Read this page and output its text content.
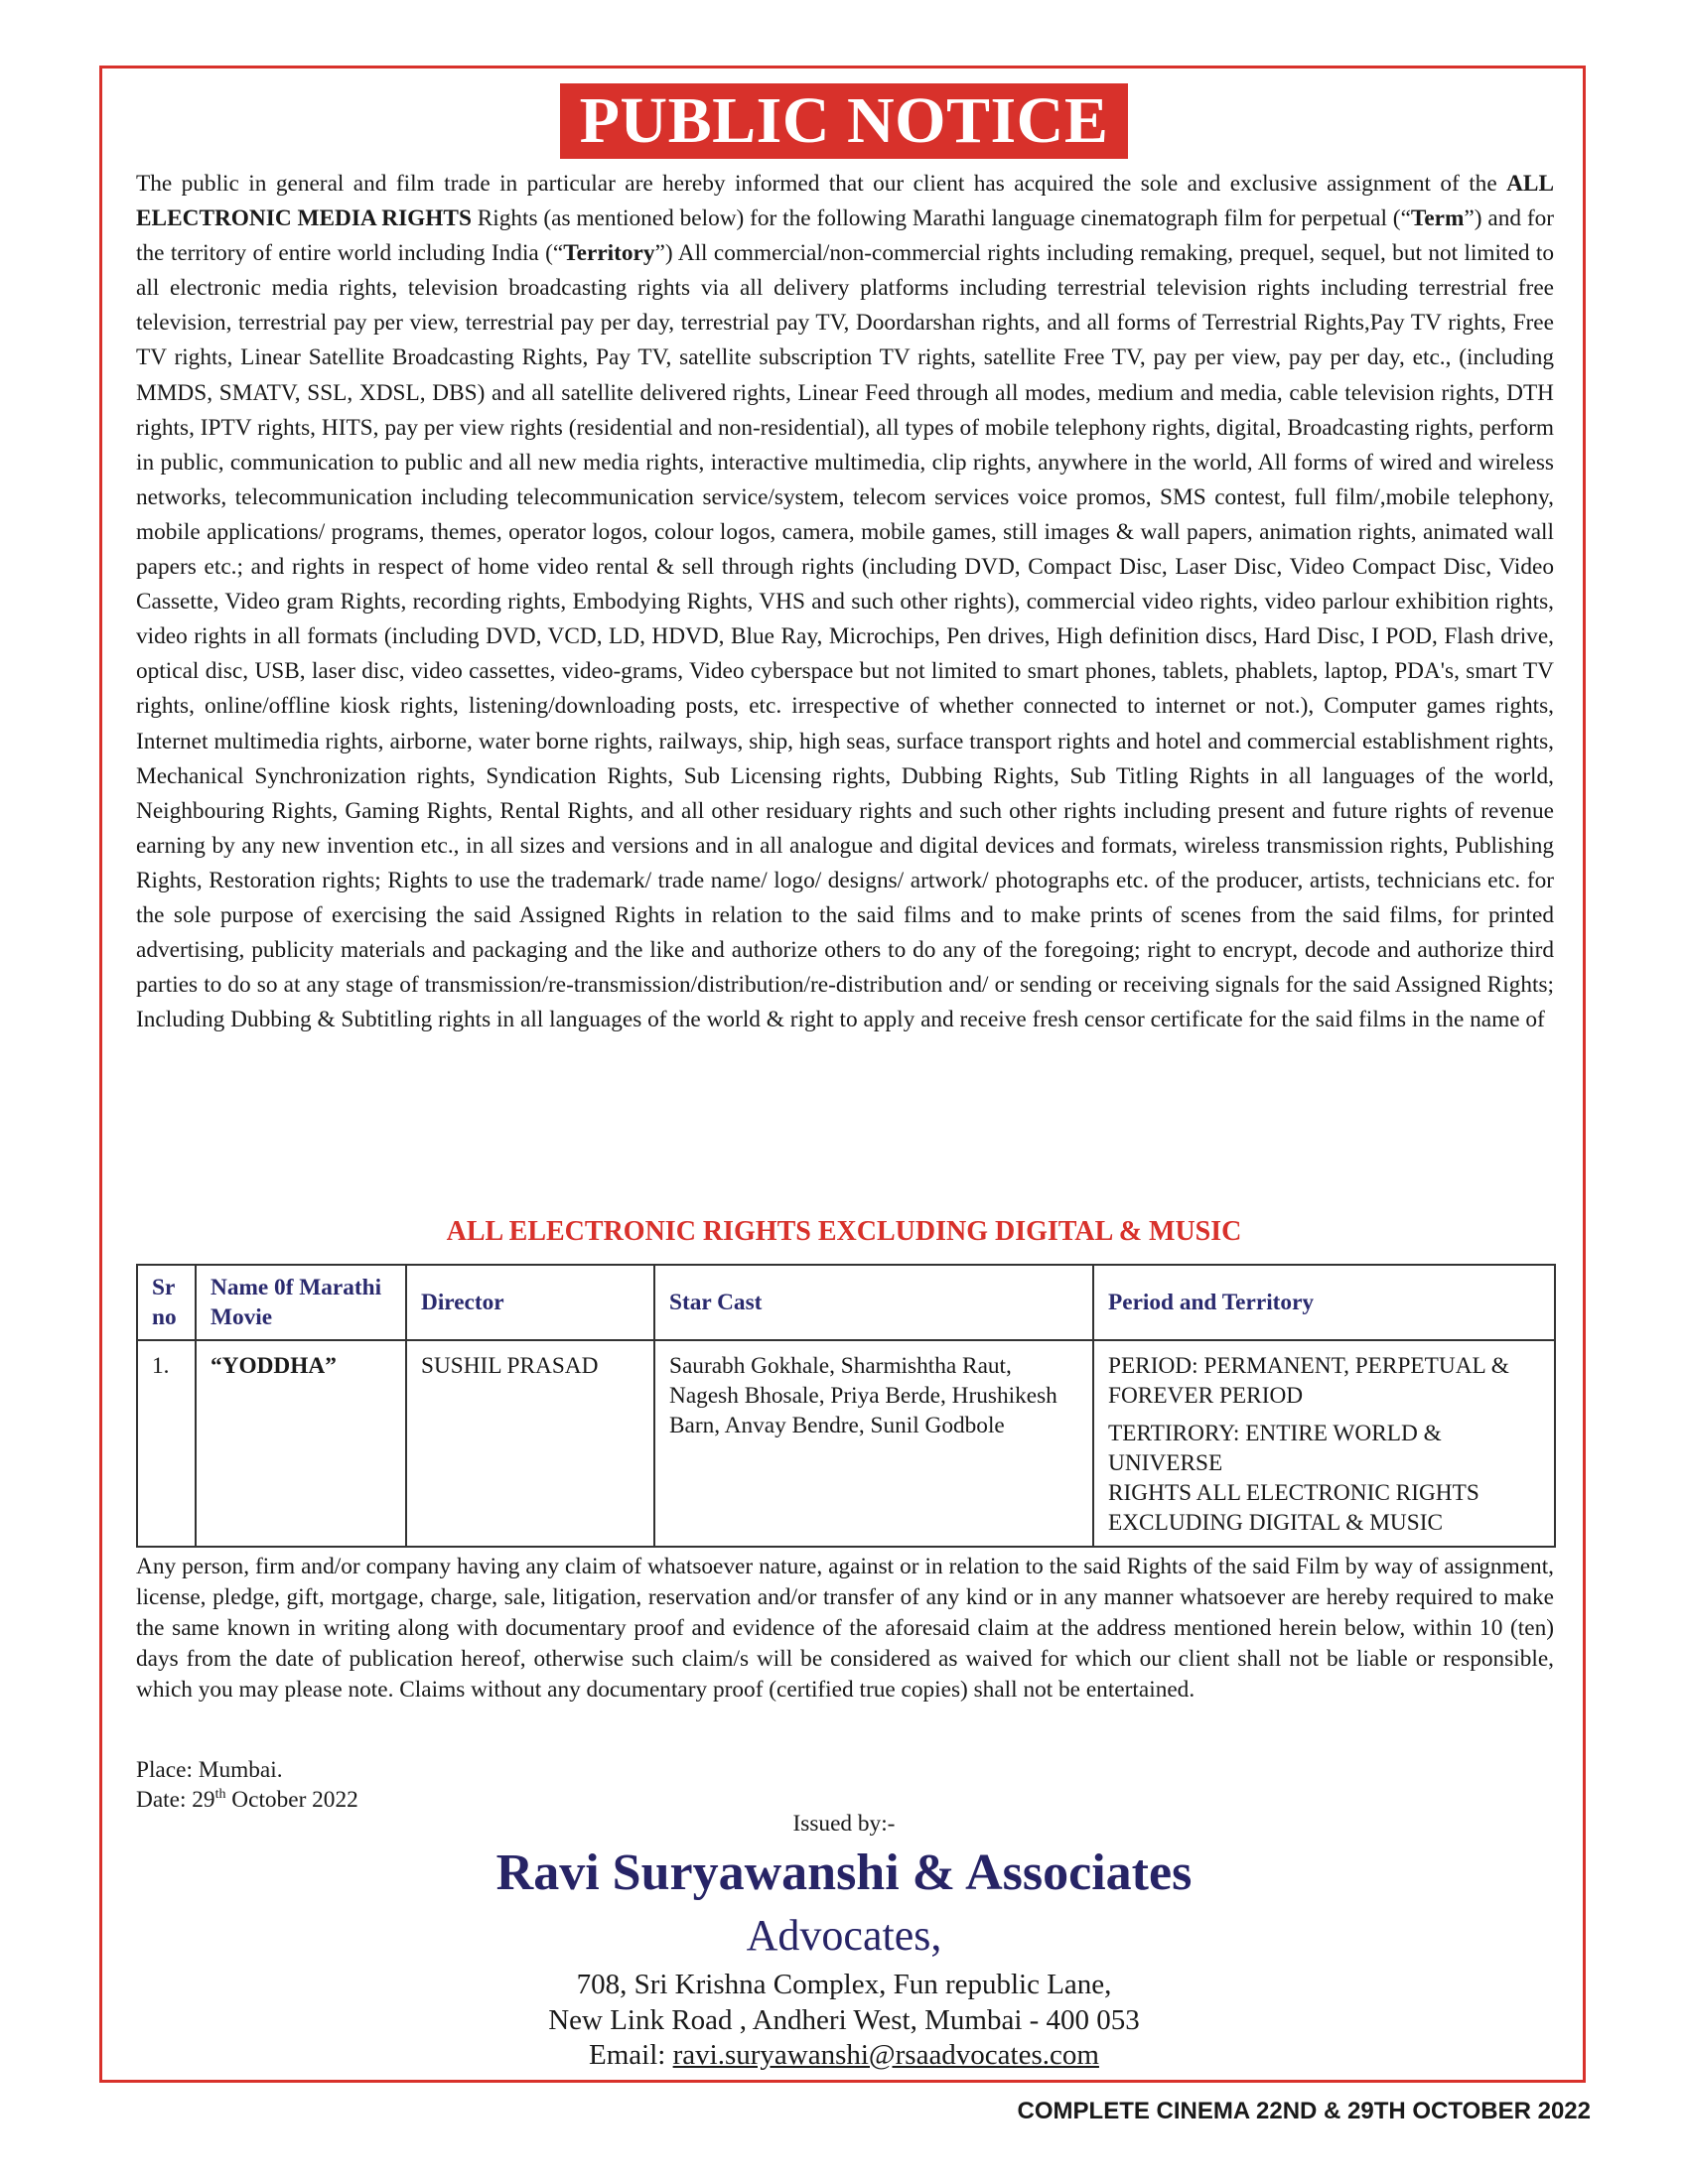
PUBLIC NOTICE

The public in general and film trade in particular are hereby informed that our client has acquired the sole and exclusive assignment of the ALL ELECTRONIC MEDIA RIGHTS Rights (as mentioned below) for the following Marathi language cinematograph film for perpetual (“Term”) and for the territory of entire world including India (“Territory”) All commercial/non-commercial rights including remaking, prequel, sequel, but not limited to all electronic media rights, television broadcasting rights via all delivery platforms including terrestrial television rights including terrestrial free television, terrestrial pay per view, terrestrial pay per day, terrestrial pay TV, Doordarshan rights, and all forms of Terrestrial Rights,Pay TV rights, Free TV rights, Linear Satellite Broadcasting Rights, Pay TV, satellite subscription TV rights, satellite Free TV, pay per view, pay per day, etc., (including MMDS, SMATV, SSL, XDSL, DBS) and all satellite delivered rights, Linear Feed through all modes, medium and media, cable television rights, DTH rights, IPTV rights, HITS, pay per view rights (residential and non-residential), all types of mobile telephony rights, digital, Broadcasting rights, perform in public, communication to public and all new media rights, interactive multimedia, clip rights, anywhere in the world, All forms of wired and wireless networks, telecommunication including telecommunication service/system, telecom services voice promos, SMS contest, full film/,mobile telephony, mobile applications/ programs, themes, operator logos, colour logos, camera, mobile games, still images & wall papers, animation rights, animated wall papers etc.; and rights in respect of home video rental & sell through rights (including DVD, Compact Disc, Laser Disc, Video Compact Disc, Video Cassette, Video gram Rights, recording rights, Embodying Rights, VHS and such other rights), commercial video rights, video parlour exhibition rights, video rights in all formats (including DVD, VCD, LD, HDVD, Blue Ray, Microchips, Pen drives, High definition discs, Hard Disc, I POD, Flash drive, optical disc, USB, laser disc, video cassettes, video-grams, Video cyberspace but not limited to smart phones, tablets, phablets, laptop, PDA's, smart TV rights, online/offline kiosk rights, listening/downloading posts, etc. irrespective of whether connected to internet or not.), Computer games rights, Internet multimedia rights, airborne, water borne rights, railways, ship, high seas, surface transport rights and hotel and commercial establishment rights, Mechanical Synchronization rights, Syndication Rights, Sub Licensing rights, Dubbing Rights, Sub Titling Rights in all languages of the world, Neighbouring Rights, Gaming Rights, Rental Rights, and all other residuary rights and such other rights including present and future rights of revenue earning by any new invention etc., in all sizes and versions and in all analogue and digital devices and formats, wireless transmission rights, Publishing Rights, Restoration rights; Rights to use the trademark/ trade name/ logo/ designs/ artwork/ photographs etc. of the producer, artists, technicians etc. for the sole purpose of exercising the said Assigned Rights in relation to the said films and to make prints of scenes from the said films, for printed advertising, publicity materials and packaging and the like and authorize others to do any of the foregoing; right to encrypt, decode and authorize third parties to do so at any stage of transmission/re-transmission/distribution/re-distribution and/ or sending or receiving signals for the said Assigned Rights; Including Dubbing & Subtitling rights in all languages of the world & right to apply and receive fresh censor certificate for the said films in the name of

ALL ELECTRONIC RIGHTS EXCLUDING DIGITAL & MUSIC
Sr no	Name 0f Marathi Movie	Director	Star Cast	Period and Territory
1.	“YODDHA”	SUSHIL PRASAD	Saurabh Gokhale, Sharmishtha Raut, Nagesh Bhosale, Priya Berde, Hrushikesh Barn, Anvay Bendre, Sunil Godbole	PERIOD: PERMANENT, PERPETUAL & FOREVER PERIOD
TERTIRORY: ENTIRE WORLD & UNIVERSE
RIGHTS ALL ELECTRONIC RIGHTS EXCLUDING DIGITAL & MUSIC

Any person, firm and/or company having any claim of whatsoever nature, against or in relation to the said Rights of the said Film by way of assignment, license, pledge, gift, mortgage, charge, sale, litigation, reservation and/or transfer of any kind or in any manner whatsoever are hereby required to make the same known in writing along with documentary proof and evidence of the aforesaid claim at the address mentioned herein below, within 10 (ten) days from the date of publication hereof, otherwise such claim/s will be considered as waived for which our client shall not be liable or responsible, which you may please note. Claims without any documentary proof (certified true copies) shall not be entertained.

Place: Mumbai.
Date: 29th October 2022
Issued by:-
Ravi Suryawanshi & Associates
Advocates,
708, Sri Krishna Complex, Fun republic Lane,
New Link Road , Andheri West, Mumbai - 400 053
Email: ravi.suryawanshi@rsaadvocates.com
COMPLETE CINEMA 22ND & 29TH OCTOBER 2022
